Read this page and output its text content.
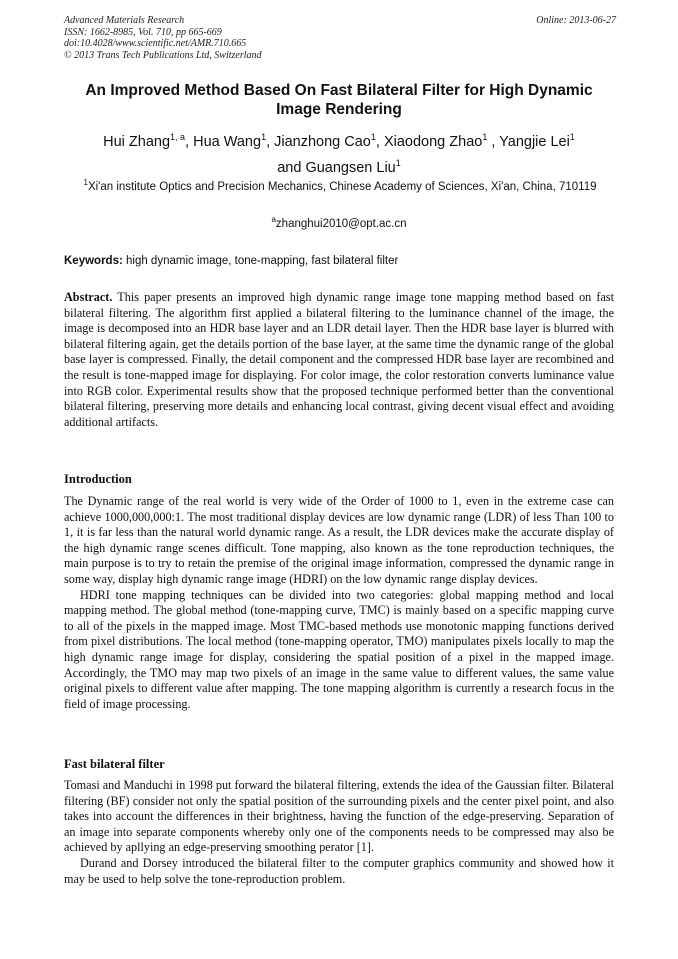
Advanced Materials Research
ISSN: 1662-8985, Vol. 710, pp 665-669
doi:10.4028/www.scientific.net/AMR.710.665
© 2013 Trans Tech Publications Ltd, Switzerland
Online: 2013-06-27
An Improved Method Based On Fast Bilateral Filter for High Dynamic Image Rendering
Hui Zhang$^{1, a}$, Hua Wang$^1$, Jianzhong Cao$^1$, Xiaodong Zhao$^1$ , Yangjie Lei$^1$
and Guangsen Liu$^1$
$^1$Xi'an institute Optics and Precision Mechanics, Chinese Academy of Sciences, Xi'an, China, 710119
$^a$zhanghui2010@opt.ac.cn
Keywords: high dynamic image, tone-mapping, fast bilateral filter
Abstract. This paper presents an improved high dynamic range image tone mapping method based on fast bilateral filtering. The algorithm first applied a bilateral filtering to the luminance channel of the image, the image is decomposed into an HDR base layer and an LDR detail layer. Then the HDR base layer is blurred with bilateral filtering again, get the details portion of the base layer, at the same time the dynamic range of the global base layer is compressed. Finally, the detail component and the compressed HDR base layer are recombined and the result is tone-mapped image for displaying. For color image, the color restoration converts luminance value into RGB color. Experimental results show that the proposed technique performed better than the conventional bilateral filtering, preserving more details and enhancing local contrast, giving decent visual effect and avoiding additional artifacts.
Introduction

The Dynamic range of the real world is very wide of the Order of 1000 to 1, even in the extreme case can achieve 1000,000,000:1. The most traditional display devices are low dynamic range (LDR) of less Than 100 to 1, it is far less than the natural world dynamic range. As a result, the LDR devices make the accurate display of the high dynamic range scenes difficult. Tone mapping, also known as the tone reproduction techniques, the main purpose is to try to retain the premise of the original image information, compressed the dynamic range in some way, display high dynamic range image (HDRI) on the low dynamic range display devices.

HDRI tone mapping techniques can be divided into two categories: global mapping method and local mapping method. The global method (tone-mapping curve, TMC) is mainly based on a specific mapping curve to all of the pixels in the mapped image. Most TMC-based methods use monotonic mapping functions derived from pixel distributions. The local method (tone-mapping operator, TMO) manipulates pixels locally to map the high dynamic range image for display, considering the spatial position of a pixel in the mapped image. Accordingly, the TMO may map two pixels of an image in the same value to different values, the same value original pixels to different value after mapping. The tone mapping algorithm is currently a research focus in the field of image processing.

Fast bilateral filter

Tomasi and Manduchi in 1998 put forward the bilateral filtering, extends the idea of the Gaussian filter. Bilateral filtering (BF) consider not only the spatial position of the surrounding pixels and the center pixel point, and also takes into account the differences in their brightness, having the function of the edge-preserving. Separation of an image into separate components whereby only one of the components needs to be compressed may also be achieved by apllying an edge-preserving smoothing perator [1].

Durand and Dorsey introduced the bilateral filter to the computer graphics community and showed how it may be used to help solve the tone-reproduction problem.
